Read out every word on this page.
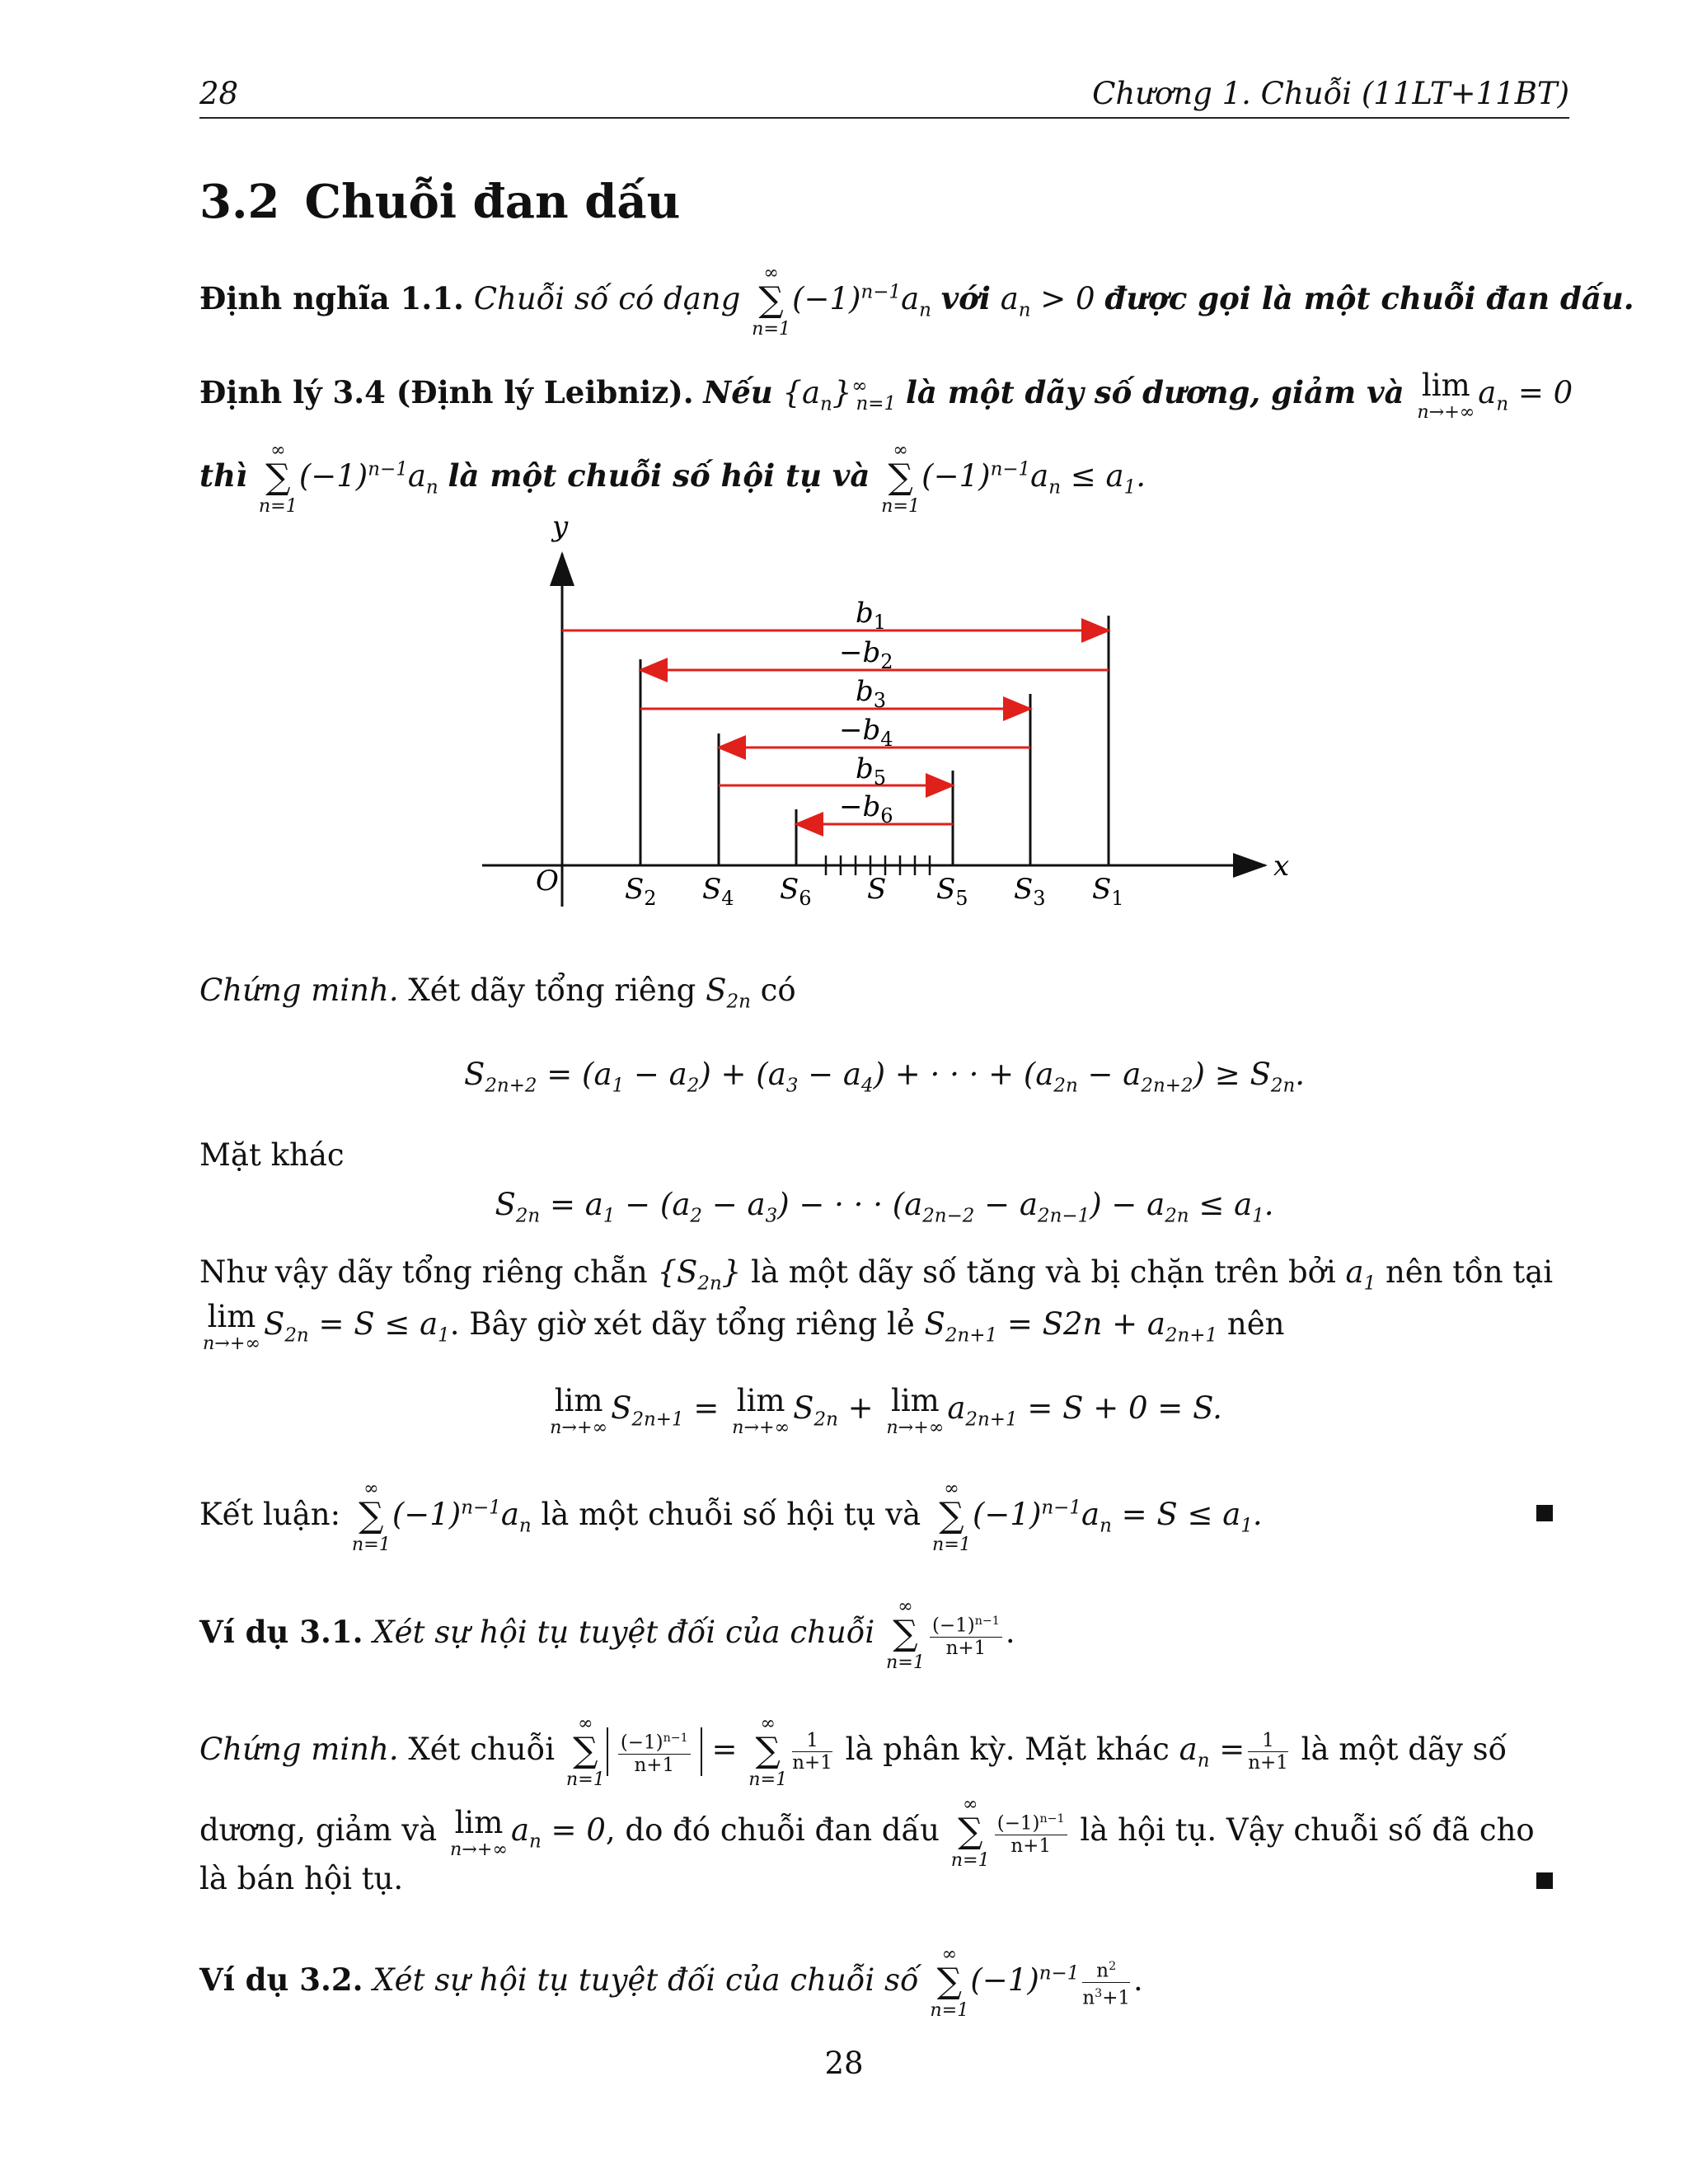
28	Chương 1. Chuỗi (11LT+11BT)
3.2 Chuỗi đan dấu
Định nghĩa 1.1. Chuỗi số có dạng
∞
∑
n=1
$(-1)^{n-1}a_n$ với $a_n > 0$ được gọi là một chuỗi đan dấu.
Định lý 3.4 (Định lý Leibniz). Nếu $\{a_n\}^\infty_{n=1}$ là một dãy số dương, giảm và lim
n→+∞
$a_n = 0$
thì
∞
∑
n=1
$(-1)^{n-1}a_n$ là một chuỗi số hội tụ và
∞
∑
n=1
$(-1)^{n-1}a_n \le a_1$.
y
x
O
$b_1$
$-b_2$
$b_3$
$-b_4$
$b_5$
$-b_6$
$S_2$ $S_4$ $S_6$ S $S_5$ $S_3$ $S_1$
Chứng minh. Xét dãy tổng riêng $S_{2n}$ có
$S_{2n+2} = (a_1 - a_2) + (a_3 - a_4)$ + · · · + $(a_{2n} - a_{2n+2}) \ge S_{2n}$.
Mặt khác
$S_{2n} = a_1 - (a_2 - a_3)$ − · · · $(a_{2n-2} - a_{2n-1}) - a_{2n} \le a_1$.
Như vậy dãy tổng riêng chẵn $\{S_{2n}\}$ là một dãy số tăng và bị chặn trên bởi $a_1$ nên tồn tại
lim
n→+∞
$S_{2n} = S \le a_1$. Bây giờ xét dãy tổng riêng lẻ $S_{2n+1} = S2n + a_{2n+1}$ nên
lim
n→+∞
$S_{2n+1} = \lim$
n→+∞
$S_{2n} + \lim$
n→+∞
$a_{2n+1} = S + 0 = S$.
Kết luận:
∞
∑
n=1
$(-1)^{n-1}a_n$ là một chuỗi số hội tụ và
∞
∑
n=1
$(-1)^{n-1}a_n = S \le a_1$.
Ví dụ 3.1. Xét sự hội tụ tuyệt đối của chuỗi
∞
∑
n=1
$\frac{(-1)^{n-1}}{n+1}$ .
Chứng minh. Xét chuỗi
∞
∑
n=1
$\frac{(-1)^{n-1}}{n+1}$ =
∞
∑
n=1
$\frac{1}{n+1}$ là phân kỳ. Mặt khác $a_n = \frac{1}{n+1}$ là một dãy số
dương, giảm và lim
n→+∞
$a_n = 0$, do đó chuỗi đan dấu
∞
∑
n=1
$\frac{(-1)^{n-1}}{n+1}$ là hội tụ. Vậy chuỗi số đã cho
là bán hội tụ.
Ví dụ 3.2. Xét sự hội tụ tuyệt đối của chuỗi số
∞
∑
n=1
$(-1)^{n-1} \frac{n^2}{n^3+1}$ .
28
